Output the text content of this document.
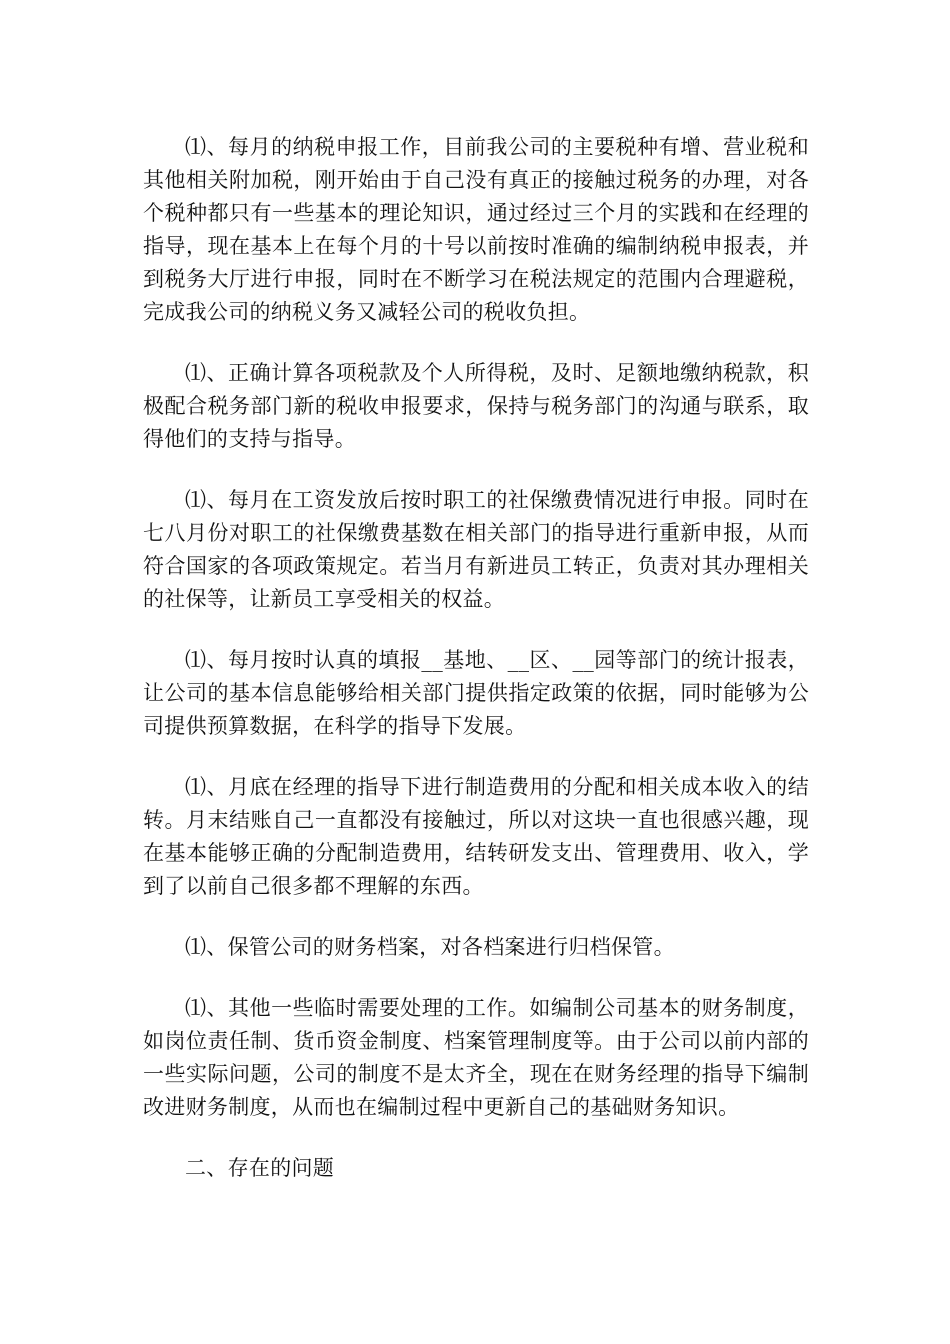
⑴、每月的纳税申报工作，目前我公司的主要税种有增、营业税和其他相关附加税，刚开始由于自己没有真正的接触过税务的办理，对各个税种都只有一些基本的理论知识，通过经过三个月的实践和在经理的指导，现在基本上在每个月的十号以前按时准确的编制纳税申报表，并到税务大厅进行申报，同时在不断学习在税法规定的范围内合理避税，完成我公司的纳税义务又减轻公司的税收负担。

⑴、正确计算各项税款及个人所得税，及时、足额地缴纳税款，积极配合税务部门新的税收申报要求，保持与税务部门的沟通与联系，取得他们的支持与指导。

⑴、每月在工资发放后按时职工的社保缴费情况进行申报。同时在七八月份对职工的社保缴费基数在相关部门的指导进行重新申报，从而符合国家的各项政策规定。若当月有新进员工转正，负责对其办理相关的社保等，让新员工享受相关的权益。

⑴、每月按时认真的填报__基地、__区、__园等部门的统计报表，让公司的基本信息能够给相关部门提供指定政策的依据，同时能够为公司提供预算数据，在科学的指导下发展。

⑴、月底在经理的指导下进行制造费用的分配和相关成本收入的结转。月末结账自己一直都没有接触过，所以对这块一直也很感兴趣，现在基本能够正确的分配制造费用，结转研发支出、管理费用、收入，学到了以前自己很多都不理解的东西。

⑴、保管公司的财务档案，对各档案进行归档保管。

⑴、其他一些临时需要处理的工作。如编制公司基本的财务制度，如岗位责任制、货币资金制度、档案管理制度等。由于公司以前内部的一些实际问题，公司的制度不是太齐全，现在在财务经理的指导下编制改进财务制度，从而也在编制过程中更新自己的基础财务知识。

二、存在的问题
